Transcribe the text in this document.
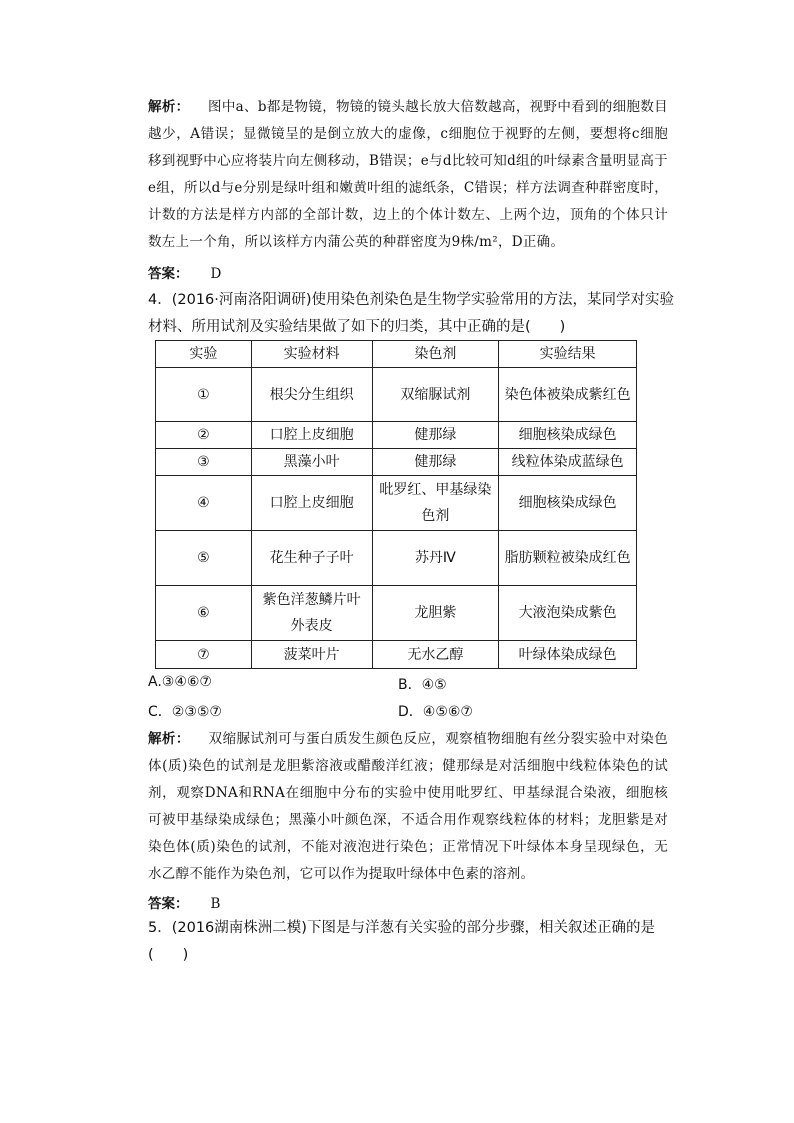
解析： 图中a、b都是物镜，物镜的镜头越长放大倍数越高，视野中看到的细胞数目越少，A错误；显微镜呈的是倒立放大的虚像，c细胞位于视野的左侧，要想将c细胞移到视野中心应将装片向左侧移动，B错误；e与d比较可知d组的叶绿素含量明显高于e组，所以d与e分别是绿叶组和嫩黄叶组的滤纸条，C错误；样方法调查种群密度时，计数的方法是样方内部的全部计数，边上的个体计数左、上两个边，顶角的个体只计数左上一个角，所以该样方内蒲公英的种群密度为9株/m²，D正确。
答案： D
4．(2016·河南洛阳调研)使用染色剂染色是生物学实验常用的方法，某同学对实验材料、所用试剂及实验结果做了如下的归类，其中正确的是(　　)
实验	实验材料	染色剂	实验结果
①	根尖分生组织	双缩脲试剂	染色体被染成紫红色
②	口腔上皮细胞	健那绿	细胞核染成绿色
③	黑藻小叶	健那绿	线粒体染成蓝绿色
④	口腔上皮细胞	吡罗红、甲基绿染色剂	细胞核染成绿色
⑤	花生种子子叶	苏丹Ⅳ	脂肪颗粒被染成红色
⑥	紫色洋葱鳞片叶外表皮	龙胆紫	大液泡染成紫色
⑦	菠菜叶片	无水乙醇	叶绿体染成绿色
A.③④⑥⑦	B．④⑤
C．②③⑤⑦	D．④⑤⑥⑦
解析： 双缩脲试剂可与蛋白质发生颜色反应，观察植物细胞有丝分裂实验中对染色体(质)染色的试剂是龙胆紫溶液或醋酸洋红液；健那绿是对活细胞中线粒体染色的试剂，观察DNA和RNA在细胞中分布的实验中使用吡罗红、甲基绿混合染液，细胞核可被甲基绿染成绿色；黑藻小叶颜色深，不适合用作观察线粒体的材料；龙胆紫是对染色体(质)染色的试剂，不能对液泡进行染色；正常情况下叶绿体本身呈现绿色，无水乙醇不能作为染色剂，它可以作为提取叶绿体中色素的溶剂。
答案： B
5．(2016湖南株洲二模)下图是与洋葱有关实验的部分步骤，相关叙述正确的是(　　)
